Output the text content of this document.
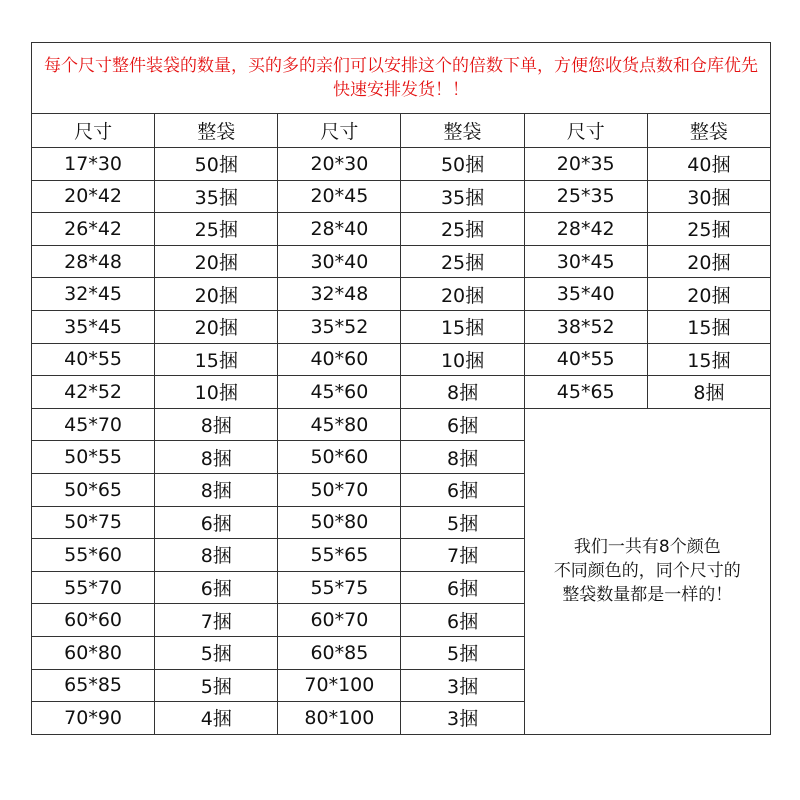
每个尺寸整件装袋的数量，买的多的亲们可以安排这个的倍数下单，方便您收货点数和仓库优先快速安排发货！！					
尺寸	整袋	尺寸	整袋	尺寸	整袋
17*30	50捆	20*30	50捆	20*35	40捆
20*42	35捆	20*45	35捆	25*35	30捆
26*42	25捆	28*40	25捆	28*42	25捆
28*48	20捆	30*40	25捆	30*45	20捆
32*45	20捆	32*48	20捆	35*40	20捆
35*45	20捆	35*52	15捆	38*52	15捆
40*55	15捆	40*60	10捆	40*55	15捆
42*52	10捆	45*60	8捆	45*65	8捆
45*70	8捆	45*80	6捆	我们一共有8个颜色
不同颜色的，同个尺寸的
整袋数量都是一样的！	

50*55	8捆	50*60	8捆		
50*65	8捆	50*70	6捆		
50*75	6捆	50*80	5捆		
55*60	8捆	55*65	7捆		
55*70	6捆	55*75	6捆		
60*60	7捆	60*70	6捆		
60*80	5捆	60*85	5捆		
65*85	5捆	70*100	3捆		
70*90	4捆	80*100	3捆		
